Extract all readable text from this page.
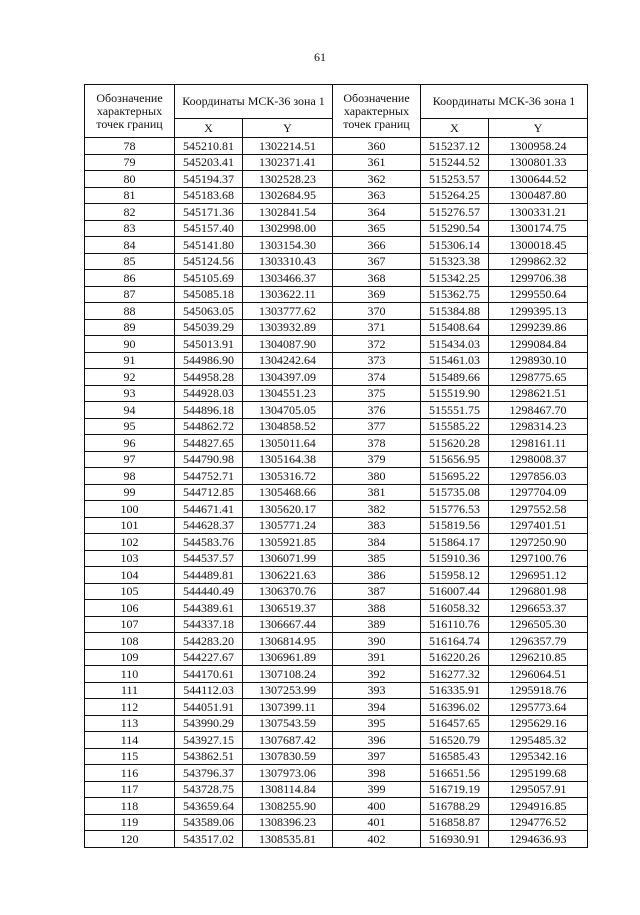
61
Обозначение характерных точек границ	Координаты МСК-36 зона 1		Обозначение характерных точек границ	Координаты МСК-36 зона 1	
	X	Y		X	Y
78	545210.81	1302214.51	360	515237.12	1300958.24
79	545203.41	1302371.41	361	515244.52	1300801.33
80	545194.37	1302528.23	362	515253.57	1300644.52
81	545183.68	1302684.95	363	515264.25	1300487.80
82	545171.36	1302841.54	364	515276.57	1300331.21
83	545157.40	1302998.00	365	515290.54	1300174.75
84	545141.80	1303154.30	366	515306.14	1300018.45
85	545124.56	1303310.43	367	515323.38	1299862.32
86	545105.69	1303466.37	368	515342.25	1299706.38
87	545085.18	1303622.11	369	515362.75	1299550.64
88	545063.05	1303777.62	370	515384.88	1299395.13
89	545039.29	1303932.89	371	515408.64	1299239.86
90	545013.91	1304087.90	372	515434.03	1299084.84
91	544986.90	1304242.64	373	515461.03	1298930.10
92	544958.28	1304397.09	374	515489.66	1298775.65
93	544928.03	1304551.23	375	515519.90	1298621.51
94	544896.18	1304705.05	376	515551.75	1298467.70
95	544862.72	1304858.52	377	515585.22	1298314.23
96	544827.65	1305011.64	378	515620.28	1298161.11
97	544790.98	1305164.38	379	515656.95	1298008.37
98	544752.71	1305316.72	380	515695.22	1297856.03
99	544712.85	1305468.66	381	515735.08	1297704.09
100	544671.41	1305620.17	382	515776.53	1297552.58
101	544628.37	1305771.24	383	515819.56	1297401.51
102	544583.76	1305921.85	384	515864.17	1297250.90
103	544537.57	1306071.99	385	515910.36	1297100.76
104	544489.81	1306221.63	386	515958.12	1296951.12
105	544440.49	1306370.76	387	516007.44	1296801.98
106	544389.61	1306519.37	388	516058.32	1296653.37
107	544337.18	1306667.44	389	516110.76	1296505.30
108	544283.20	1306814.95	390	516164.74	1296357.79
109	544227.67	1306961.89	391	516220.26	1296210.85
110	544170.61	1307108.24	392	516277.32	1296064.51
111	544112.03	1307253.99	393	516335.91	1295918.76
112	544051.91	1307399.11	394	516396.02	1295773.64
113	543990.29	1307543.59	395	516457.65	1295629.16
114	543927.15	1307687.42	396	516520.79	1295485.32
115	543862.51	1307830.59	397	516585.43	1295342.16
116	543796.37	1307973.06	398	516651.56	1295199.68
117	543728.75	1308114.84	399	516719.19	1295057.91
118	543659.64	1308255.90	400	516788.29	1294916.85
119	543589.06	1308396.23	401	516858.87	1294776.52
120	543517.02	1308535.81	402	516930.91	1294636.93
